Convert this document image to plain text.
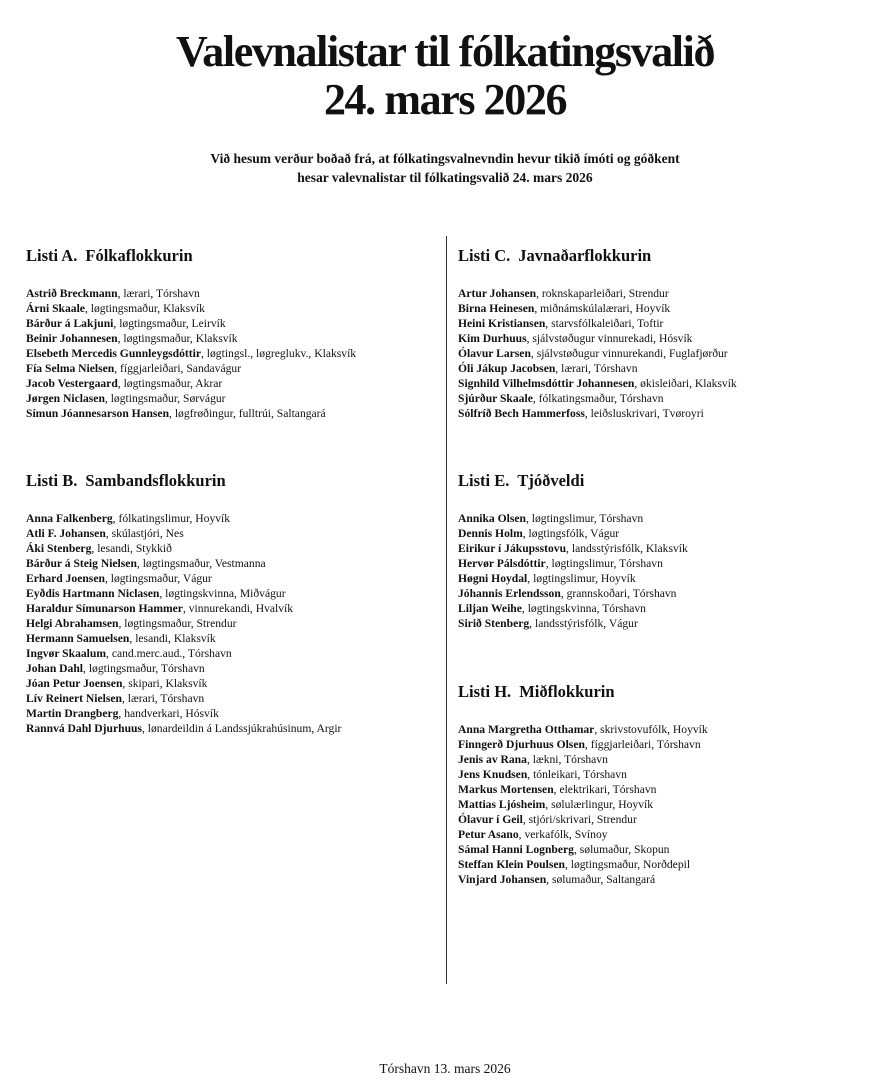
Valevnalistar til fólkatingsvalið
24. mars 2026

Við hesum verður boðað frá, at fólkatingsvalnevndin hevur tikið ímóti og góðkent
hesar valevnalistar til fólkatingsvalið 24. mars 2026

Listi A. Fólkaflokkurin
Astrið Breckmann, lærari, Tórshavn
Árni Skaale, løgtingsmaður, Klaksvík
Bárður á Lakjuni, løgtingsmaður, Leirvík
Beinir Johannesen, løgtingsmaður, Klaksvík
Elsebeth Mercedis Gunnleygsdóttir, løgtingsl., løgreglukv., Klaksvík
Fía Selma Nielsen, fíggjarleiðari, Sandavágur
Jacob Vestergaard, løgtingsmaður, Akrar
Jørgen Niclasen, løgtingsmaður, Sørvágur
Símun Jóannesarson Hansen, løgfrøðingur, fulltrúi, Saltangará
Listi B. Sambandsflokkurin
Anna Falkenberg, fólkatingslimur, Hoyvík
Atli F. Johansen, skúlastjóri, Nes
Áki Stenberg, lesandi, Stykkið
Bárður á Steig Nielsen, løgtingsmaður, Vestmanna
Erhard Joensen, løgtingsmaður, Vágur
Eyðdis Hartmann Niclasen, løgtingskvinna, Miðvágur
Haraldur Símunarson Hammer, vinnurekandi, Hvalvík
Helgi Abrahamsen, løgtingsmaður, Strendur
Hermann Samuelsen, lesandi, Klaksvík
Ingvør Skaalum, cand.merc.aud., Tórshavn
Johan Dahl, løgtingsmaður, Tórshavn
Jóan Petur Joensen, skipari, Klaksvík
Lív Reinert Nielsen, lærari, Tórshavn
Martin Drangberg, handverkari, Hósvík
Rannvá Dahl Djurhuus, lønardeildin á Landssjúkrahúsinum, Argir
Listi C. Javnaðarflokkurin
Artur Johansen, roknskaparleiðari, Strendur
Birna Heinesen, miðnámskúlalærari, Hoyvík
Heini Kristiansen, starvsfólkaleiðari, Toftir
Kim Durhuus, sjálvstøðugur vinnurekadi, Hósvík
Ólavur Larsen, sjálvstøðugur vinnurekandi, Fuglafjørður
Óli Jákup Jacobsen, lærari, Tórshavn
Signhild Vilhelmsdóttir Johannesen, økisleiðari, Klaksvík
Sjúrður Skaale, fólkatingsmaður, Tórshavn
Sólfríð Bech Hammerfoss, leiðsluskrivari, Tvøroyri
Listi E. Tjóðveldi
Annika Olsen, løgtingslimur, Tórshavn
Dennis Holm, løgtingsfólk, Vágur
Eirikur í Jákupsstovu, landsstýrisfólk, Klaksvík
Hervør Pálsdóttir, løgtingslimur, Tórshavn
Høgni Hoydal, løgtingslimur, Hoyvík
Jóhannis Erlendsson, grannskoðari, Tórshavn
Liljan Weihe, løgtingskvinna, Tórshavn
Sirið Stenberg, landsstýrisfólk, Vágur
Listi H. Miðflokkurin
Anna Margretha Otthamar, skrivstovufólk, Hoyvík
Finngerð Djurhuus Olsen, fíggjarleiðari, Tórshavn
Jenis av Rana, lækni, Tórshavn
Jens Knudsen, tónleikari, Tórshavn
Markus Mortensen, elektrikari, Tórshavn
Mattias Ljósheim, sølulærlingur, Hoyvík
Ólavur í Geil, stjóri/skrivari, Strendur
Petur Asano, verkafólk, Svínoy
Sámal Hanni Lognberg, sølumaður, Skopun
Steffan Klein Poulsen, løgtingsmaður, Norðdepil
Vinjard Johansen, sølumaður, Saltangará
Tórshavn 13. mars 2026
